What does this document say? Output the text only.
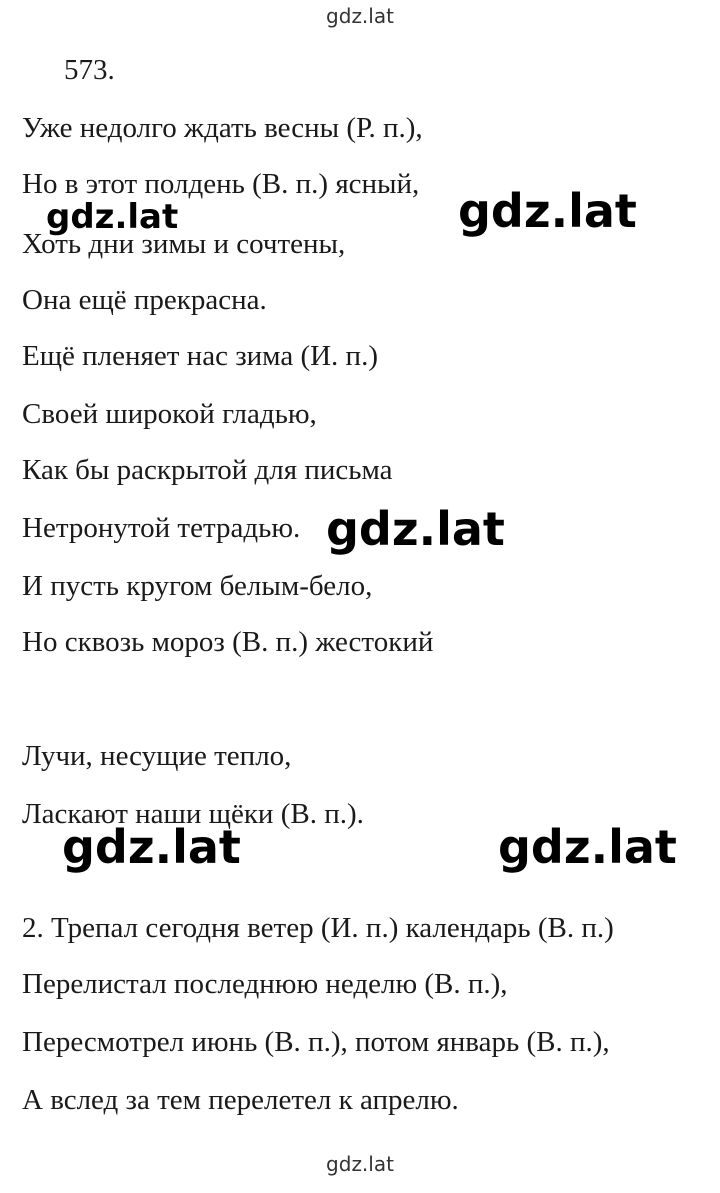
gdz.lat
573.
Уже недолго ждать весны (Р. п.),
Но в этот полдень (В. п.) ясный,
Хоть дни зимы и сочтены,
Она ещё прекрасна.
Ещё пленяет нас зима (И. п.)
Своей широкой гладью,
Как бы раскрытой для письма
Нетронутой тетрадью.
И пусть кругом белым-бело,
Но сквозь мороз (В. п.) жестокий
Лучи, несущие тепло,
Ласкают наши щёки (В. п.).
2. Трепал сегодня ветер (И. п.) календарь (В. п.)
Перелистал последнюю неделю (В. п.),
Пересмотрел июнь (В. п.), потом январь (В. п.),
А вслед за тем перелетел к апрелю.
gdz.lat	gdz.lat
gdz.lat
gdz.lat	gdz.lat
gdz.lat
